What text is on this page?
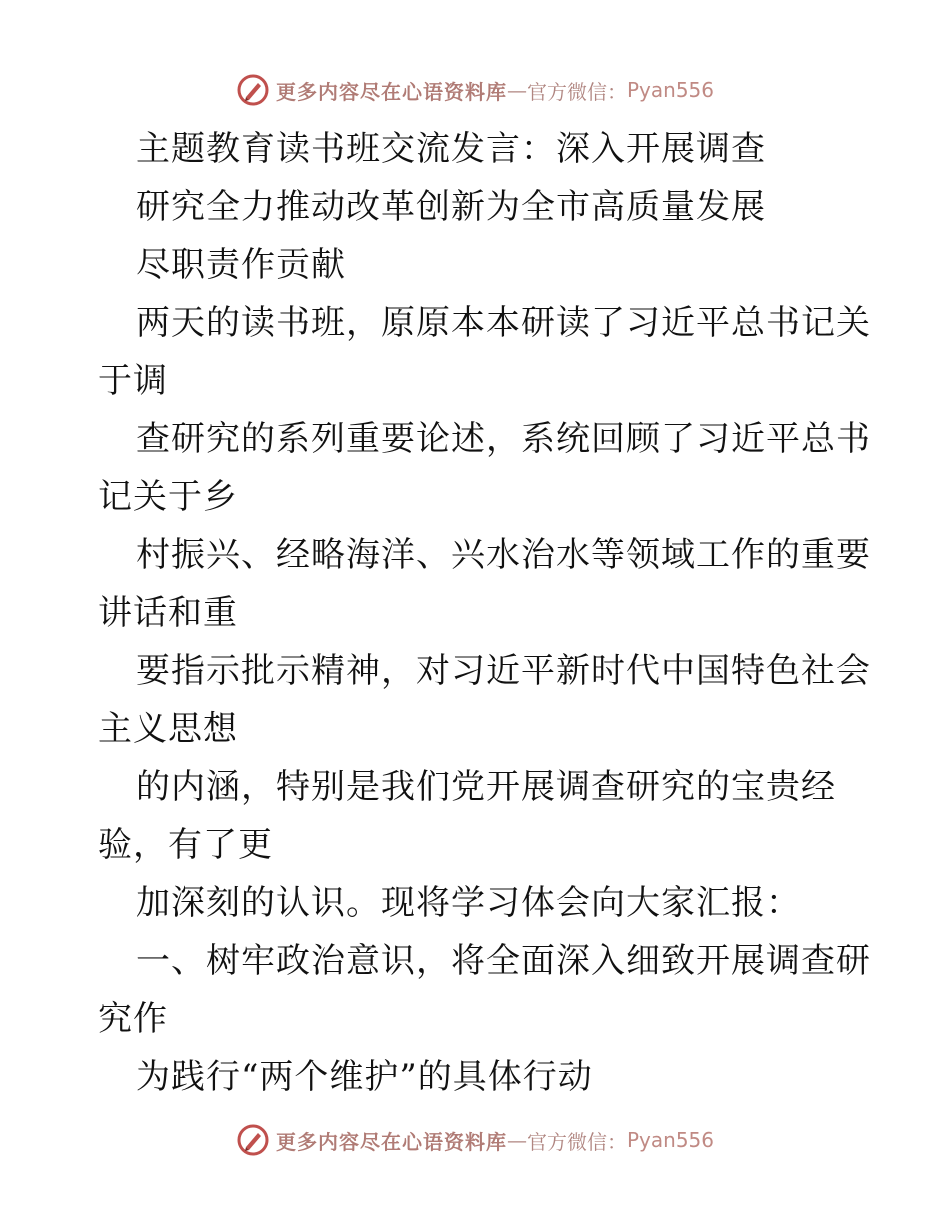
更多内容尽在心语资料库 — 官方微信： Pyan556
主题教育读书班交流发言：深入开展调查
研究全力推动改革创新为全市高质量发展
尽职责作贡献
两天的读书班，原原本本研读了习近平总书记关
于调
查研究的系列重要论述，系统回顾了习近平总书
记关于乡
村振兴、经略海洋、兴水治水等领域工作的重要
讲话和重
要指示批示精神，对习近平新时代中国特色社会
主义思想
的内涵，特别是我们党开展调查研究的宝贵经
验，有了更
加深刻的认识。现将学习体会向大家汇报：
一、树牢政治意识，将全面深入细致开展调查研
究作
为践行“两个维护”的具体行动
更多内容尽在心语资料库 — 官方微信： Pyan556
